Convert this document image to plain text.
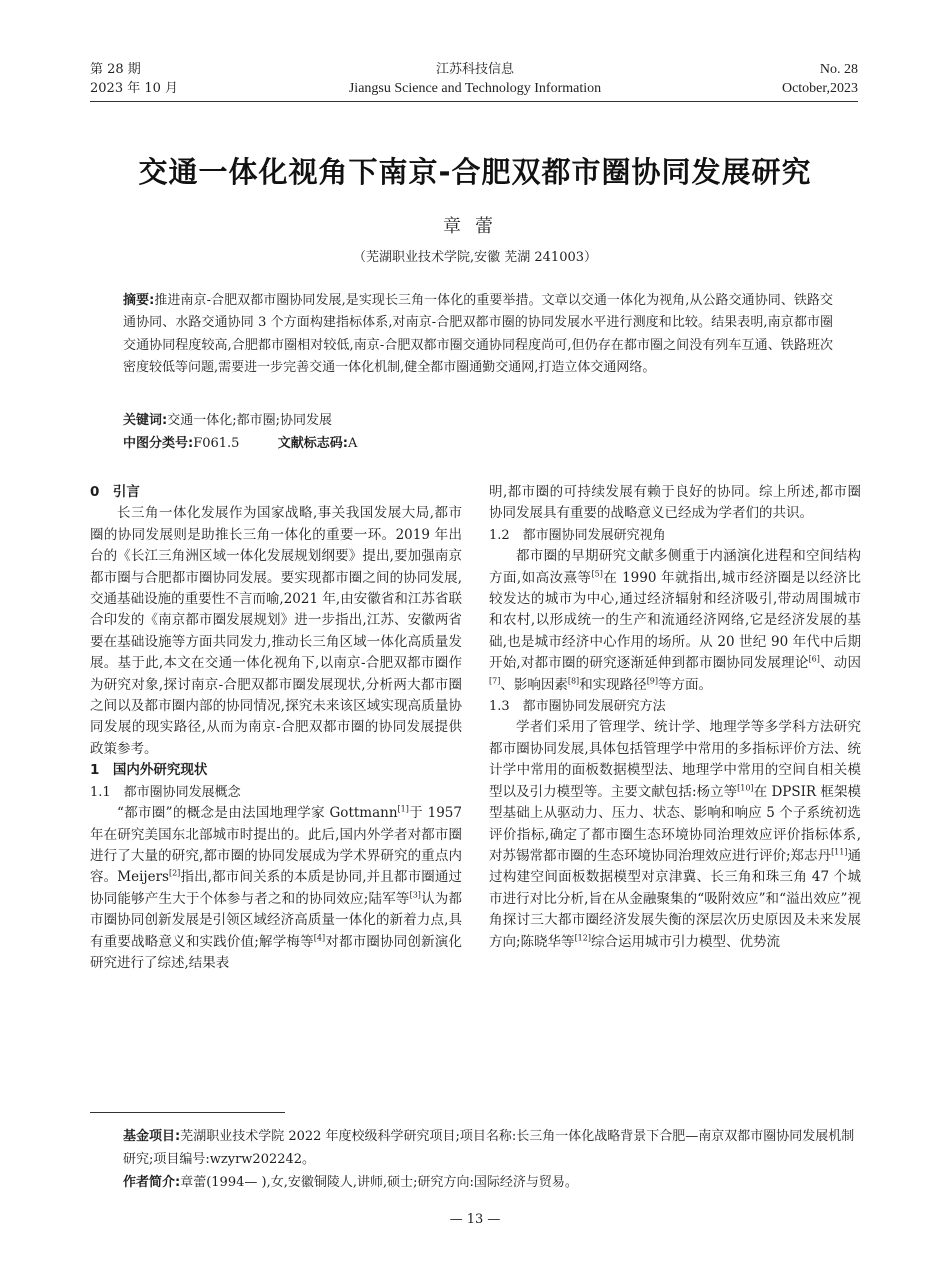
第 28 期
2023 年 10 月
江苏科技信息
Jiangsu Science and Technology Information
No. 28
October,2023
交通一体化视角下南京-合肥双都市圈协同发展研究
章蕾
（芜湖职业技术学院,安徽 芜湖 241003）
摘要:推进南京-合肥双都市圈协同发展,是实现长三角一体化的重要举措。文章以交通一体化为视角,从公路交通协同、铁路交通协同、水路交通协同 3 个方面构建指标体系,对南京-合肥双都市圈的协同发展水平进行测度和比较。结果表明,南京都市圈交通协同程度较高,合肥都市圈相对较低,南京-合肥双都市圈交通协同程度尚可,但仍存在都市圈之间没有列车互通、铁路班次密度较低等问题,需要进一步完善交通一体化机制,健全都市圈通勤交通网,打造立体交通网络。
关键词:交通一体化;都市圈;协同发展
中图分类号:F061.5	文献标志码:A

0　引言

长三角一体化发展作为国家战略,事关我国发展大局,都市圈的协同发展则是助推长三角一体化的重要一环。2019 年出台的《长江三角洲区域一体化发展规划纲要》提出,要加强南京都市圈与合肥都市圈协同发展。要实现都市圈之间的协同发展,交通基础设施的重要性不言而喻,2021 年,由安徽省和江苏省联合印发的《南京都市圈发展规划》进一步指出,江苏、安徽两省要在基础设施等方面共同发力,推动长三角区域一体化高质量发展。基于此,本文在交通一体化视角下,以南京-合肥双都市圈作为研究对象,探讨南京-合肥双都市圈发展现状,分析两大都市圈之间以及都市圈内部的协同情况,探究未来该区域实现高质量协同发展的现实路径,从而为南京-合肥双都市圈的协同发展提供政策参考。

1　国内外研究现状

1.1　都市圈协同发展概念

“都市圈”的概念是由法国地理学家 Gottmann[1]于 1957 年在研究美国东北部城市时提出的。此后,国内外学者对都市圈进行了大量的研究,都市圈的协同发展成为学术界研究的重点内容。Meijers[2]指出,都市间关系的本质是协同,并且都市圈通过协同能够产生大于个体参与者之和的协同效应;陆军等[3]认为都市圈协同创新发展是引领区域经济高质量一体化的新着力点,具有重要战略意义和实践价值;解学梅等[4]对都市圈协同创新演化研究进行了综述,结果表

明,都市圈的可持续发展有赖于良好的协同。综上所述,都市圈协同发展具有重要的战略意义已经成为学者们的共识。

1.2　都市圈协同发展研究视角

都市圈的早期研究文献多侧重于内涵演化进程和空间结构方面,如高汝熹等[5]在 1990 年就指出,城市经济圈是以经济比较发达的城市为中心,通过经济辐射和经济吸引,带动周围城市和农村,以形成统一的生产和流通经济网络,它是经济发展的基础,也是城市经济中心作用的场所。从 20 世纪 90 年代中后期开始,对都市圈的研究逐渐延伸到都市圈协同发展理论[6]、动因[7]、影响因素[8]和实现路径[9]等方面。

1.3　都市圈协同发展研究方法

学者们采用了管理学、统计学、地理学等多学科方法研究都市圈协同发展,具体包括管理学中常用的多指标评价方法、统计学中常用的面板数据模型法、地理学中常用的空间自相关模型以及引力模型等。主要文献包括:杨立等[10]在 DPSIR 框架模型基础上从驱动力、压力、状态、影响和响应 5 个子系统初选评价指标,确定了都市圈生态环境协同治理效应评价指标体系,对苏锡常都市圈的生态环境协同治理效应进行评价;郑志丹[11]通过构建空间面板数据模型对京津冀、长三角和珠三角 47 个城市进行对比分析,旨在从金融聚集的“吸附效应”和“溢出效应”视角探讨三大都市圈经济发展失衡的深层次历史原因及未来发展方向;陈晓华等[12]综合运用城市引力模型、优势流

基金项目:芜湖职业技术学院 2022 年度校级科学研究项目;项目名称:长三角一体化战略背景下合肥—南京双都市圈协同发展机制研究;项目编号:wzyrw202242。
作者简介:章蕾(1994— ),女,安徽铜陵人,讲师,硕士;研究方向:国际经济与贸易。
— 13 —
